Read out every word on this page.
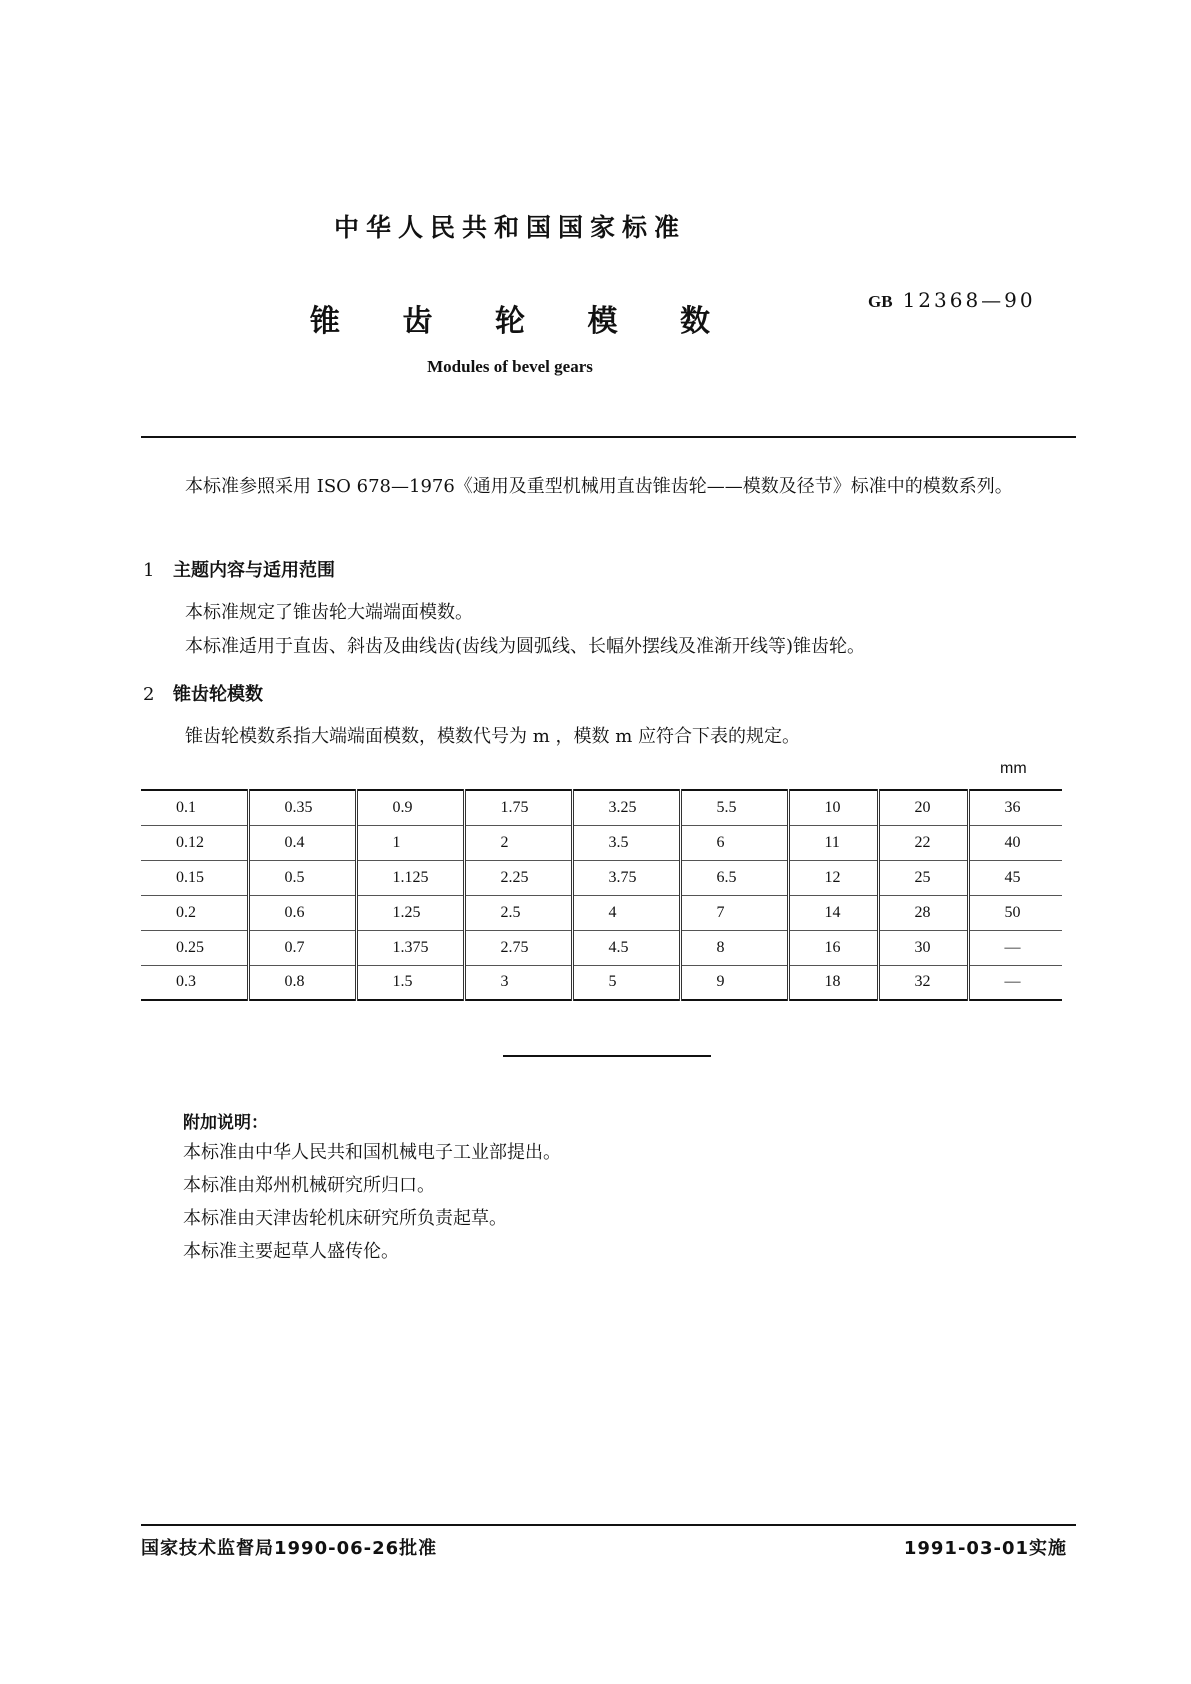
中华人民共和国国家标准
锥 齿 轮 模 数
GB 12368—90
Modules of bevel gears
本标准参照采用 ISO 678—1976《通用及重型机械用直齿锥齿轮——模数及径节》标准中的模数系列。
1 主题内容与适用范围
本标准规定了锥齿轮大端端面模数。
本标准适用于直齿、斜齿及曲线齿(齿线为圆弧线、长幅外摆线及准渐开线等)锥齿轮。
2 锥齿轮模数
锥齿轮模数系指大端端面模数，模数代号为 m ，模数 m 应符合下表的规定。
mm
0.1	0.35	0.9	1.75	3.25	5.5	10	20	36
0.12	0.4	1	2	3.5	6	11	22	40
0.15	0.5	1.125	2.25	3.75	6.5	12	25	45
0.2	0.6	1.25	2.5	4	7	14	28	50
0.25	0.7	1.375	2.75	4.5	8	16	30	—
0.3	0.8	1.5	3	5	9	18	32	—
附加说明：
本标准由中华人民共和国机械电子工业部提出。
本标准由郑州机械研究所归口。
本标准由天津齿轮机床研究所负责起草。
本标准主要起草人盛传伦。
国家技术监督局1990-06-26批准	1991-03-01实施
